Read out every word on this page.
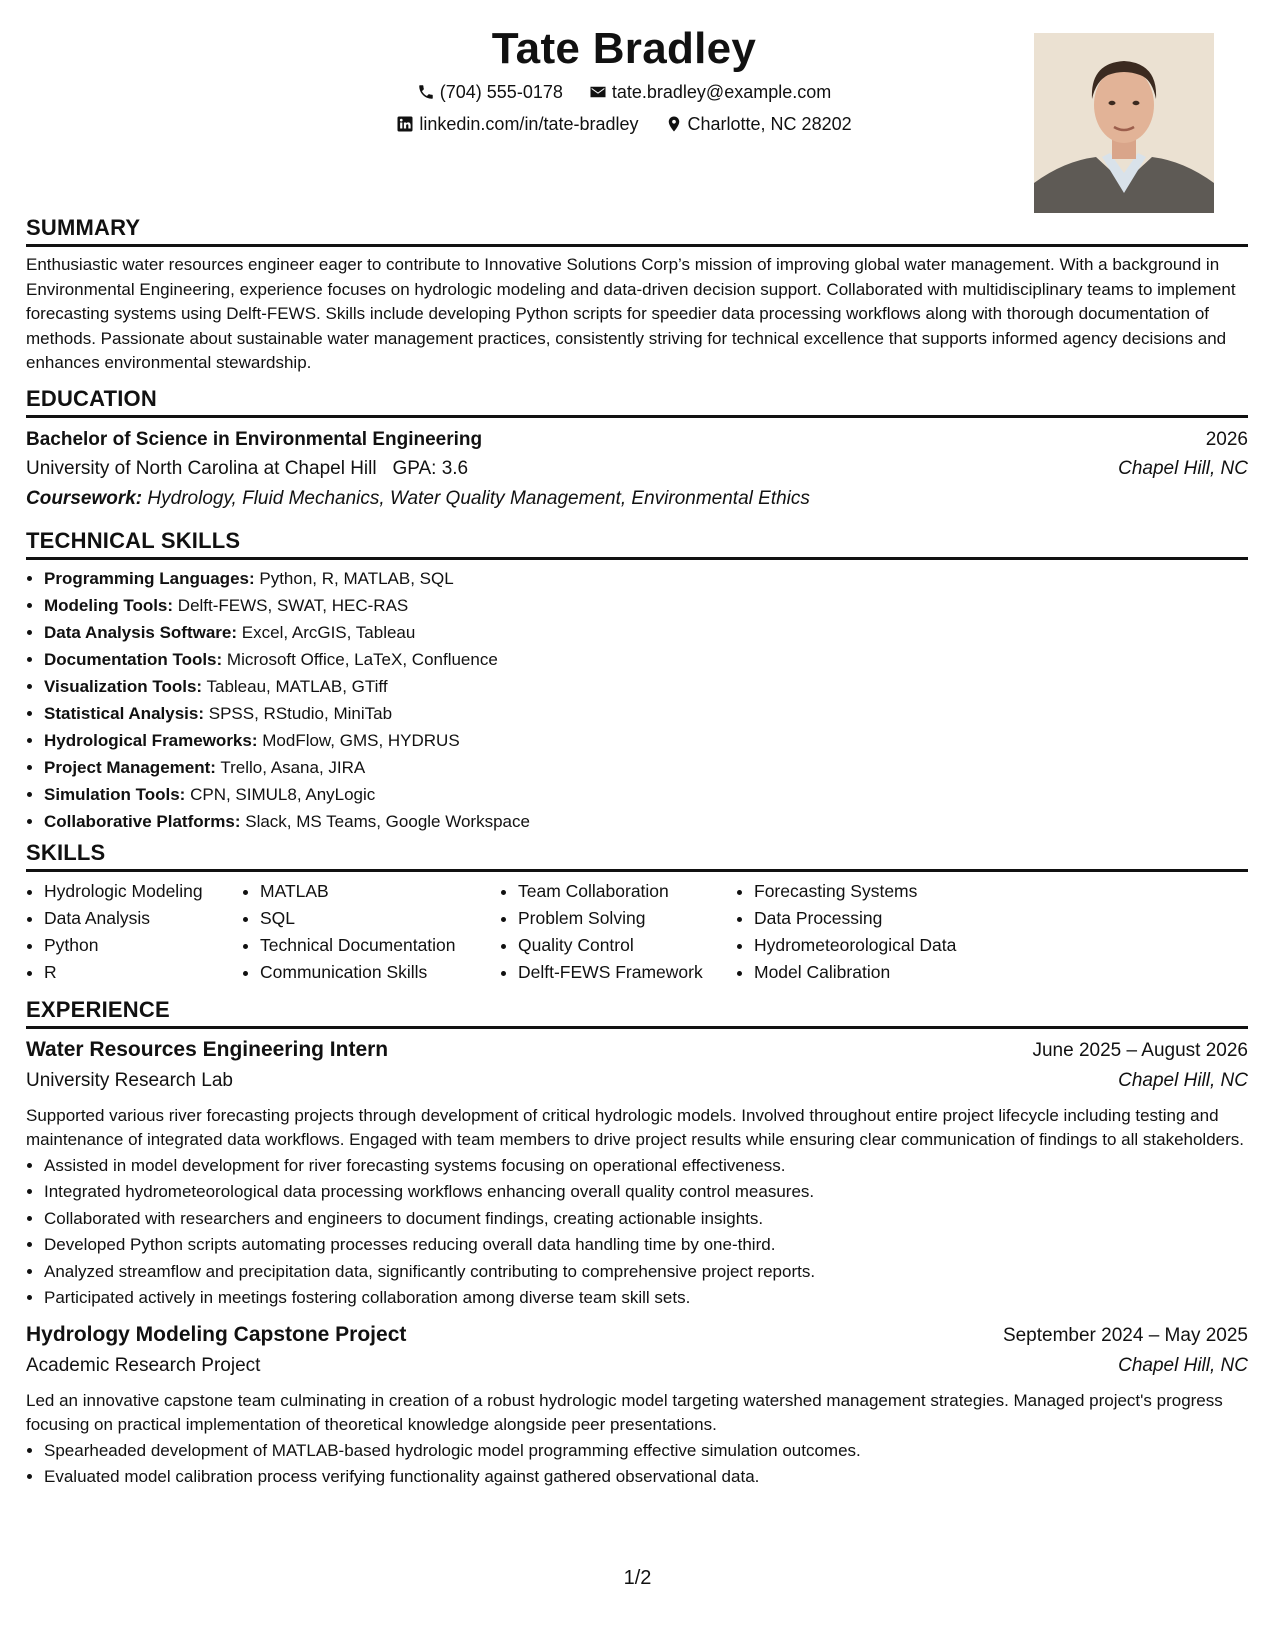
Tate Bradley
(704) 555-0178	tate.bradley@example.com
linkedin.com/in/tate-bradley	Charlotte, NC 28202
SUMMARY

Enthusiastic water resources engineer eager to contribute to Innovative Solutions Corp’s mission of improving global water management. With a background in Environmental Engineering, experience focuses on hydrologic modeling and data-driven decision support. Collaborated with multidisciplinary teams to implement forecasting systems using Delft-FEWS. Skills include developing Python scripts for speedier data processing workflows along with thorough documentation of methods. Passionate about sustainable water management practices, consistently striving for technical excellence that supports informed agency decisions and enhances environmental stewardship.

EDUCATION
Bachelor of Science in Environmental Engineering	2026
University of North Carolina at Chapel Hill GPA: 3.6	Chapel Hill, NC
Coursework: Hydrology, Fluid Mechanics, Water Quality Management, Environmental Ethics
TECHNICAL SKILLS
• Programming Languages: Python, R, MATLAB, SQL
• Modeling Tools: Delft-FEWS, SWAT, HEC-RAS
• Data Analysis Software: Excel, ArcGIS, Tableau
• Documentation Tools: Microsoft Office, LaTeX, Confluence
• Visualization Tools: Tableau, MATLAB, GTiff
• Statistical Analysis: SPSS, RStudio, MiniTab
• Hydrological Frameworks: ModFlow, GMS, HYDRUS
• Project Management: Trello, Asana, JIRA
• Simulation Tools: CPN, SIMUL8, AnyLogic
• Collaborative Platforms: Slack, MS Teams, Google Workspace
SKILLS
• Hydrologic Modeling
• Data Analysis
• Python
• R
• MATLAB
• SQL
• Technical Documentation
• Communication Skills
• Team Collaboration
• Problem Solving
• Quality Control
• Delft-FEWS Framework
• Forecasting Systems
• Data Processing
• Hydrometeorological Data
• Model Calibration
EXPERIENCE
Water Resources Engineering Intern	June 2025 – August 2026
University Research Lab	Chapel Hill, NC

Supported various river forecasting projects through development of critical hydrologic models. Involved throughout entire project lifecycle including testing and maintenance of integrated data workflows. Engaged with team members to drive project results while ensuring clear communication of findings to all stakeholders.

• Assisted in model development for river forecasting systems focusing on operational effectiveness.
• Integrated hydrometeorological data processing workflows enhancing overall quality control measures.
• Collaborated with researchers and engineers to document findings, creating actionable insights.
• Developed Python scripts automating processes reducing overall data handling time by one-third.
• Analyzed streamflow and precipitation data, significantly contributing to comprehensive project reports.
• Participated actively in meetings fostering collaboration among diverse team skill sets.
Hydrology Modeling Capstone Project	September 2024 – May 2025
Academic Research Project	Chapel Hill, NC

Led an innovative capstone team culminating in creation of a robust hydrologic model targeting watershed management strategies. Managed project's progress focusing on practical implementation of theoretical knowledge alongside peer presentations.

• Spearheaded development of MATLAB-based hydrologic model programming effective simulation outcomes.
• Evaluated model calibration process verifying functionality against gathered observational data.
1/2
